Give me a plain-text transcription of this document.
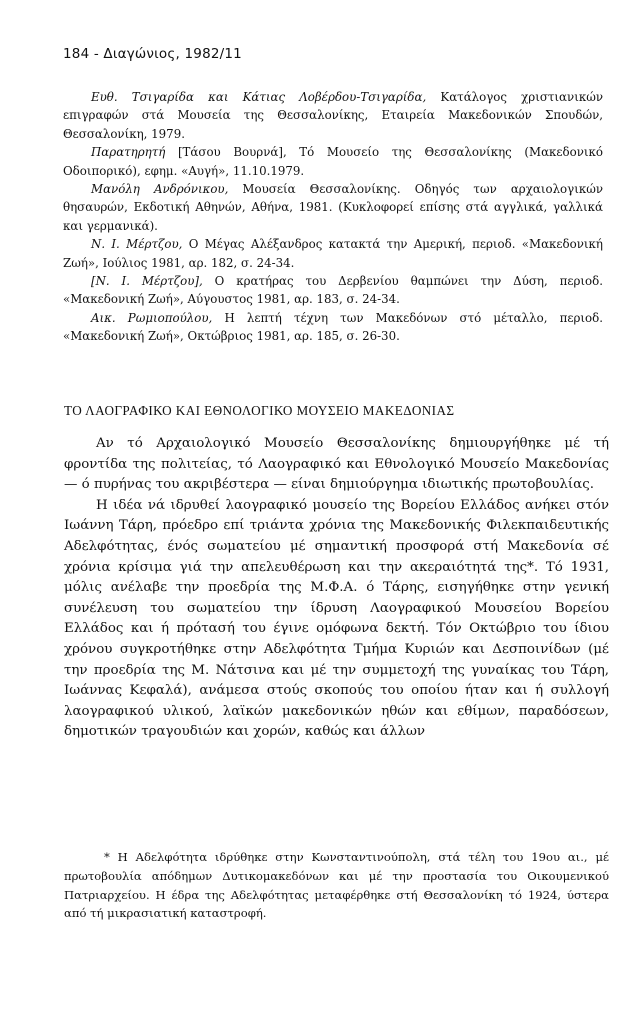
184 - Διαγώνιος, 1982/11

Ευθ. Τσιγαρίδα και Κάτιας Λοβέρδου-Τσιγαρίδα, Κατάλογος χριστιανικών επιγραφών στά Μουσεία της Θεσσαλονίκης, Εταιρεία Μακεδονικών Σπουδών, Θεσσαλονίκη, 1979.

Παρατηρητή [Τάσου Βουρνά], Τό Μουσείο της Θεσσαλονίκης (Μακεδονικό Οδοιπορικό), εφημ. «Αυγή», 11.10.1979.

Μανόλη Ανδρόνικου, Μουσεία Θεσσαλονίκης. Οδηγός των αρχαιολογικών θησαυρών, Εκδοτική Αθηνών, Αθήνα, 1981. (Κυκλοφορεί επίσης στά αγγλικά, γαλλικά και γερμανικά).

Ν. Ι. Μέρτζου, Ο Μέγας Αλέξανδρος κατακτά την Αμερική, περιοδ. «Μακεδονική Ζωή», Ιούλιος 1981, αρ. 182, σ. 24-34.

[Ν. Ι. Μέρτζου], Ο κρατήρας του Δερβενίου θαμπώνει την Δύση, περιοδ. «Μακεδονική Ζωή», Αύγουστος 1981, αρ. 183, σ. 24-34.

Αικ. Ρωμιοπούλου, Η λεπτή τέχνη των Μακεδόνων στό μέταλλο, περιοδ. «Μακεδονική Ζωή», Οκτώβριος 1981, αρ. 185, σ. 26-30.

ΤΟ ΛΑΟΓΡΑΦΙΚΟ ΚΑΙ ΕΘΝΟΛΟΓΙΚΟ ΜΟΥΣΕΙΟ ΜΑΚΕΔΟΝΙΑΣ

Αν τό Αρχαιολογικό Μουσείο Θεσσαλονίκης δημιουργήθηκε μέ τή φροντίδα της πολιτείας, τό Λαογραφικό και Εθνολογικό Μουσείο Μακεδονίας — ό πυρήνας του ακριβέστερα — είναι δημιούργημα ιδιωτικής πρωτοβουλίας.

Η ιδέα νά ιδρυθεί λαογραφικό μουσείο της Βορείου Ελλάδος ανήκει στόν Ιωάννη Τάρη, πρόεδρο επί τριάντα χρόνια της Μακεδονικής Φιλεκπαιδευτικής Αδελφότητας, ένός σωματείου μέ σημαντική προσφορά στή Μακεδονία σέ χρόνια κρίσιμα γιά την απελευθέρωση και την ακεραιότητά της*. Τό 1931, μόλις ανέλαβε την προεδρία της Μ.Φ.Α. ό Τάρης, εισηγήθηκε στην γενική συνέλευση του σωματείου την ίδρυση Λαογραφικού Μουσείου Βορείου Ελλάδος και ή πρότασή του έγινε ομόφωνα δεκτή. Τόν Οκτώβριο του ίδιου χρόνου συγκροτήθηκε στην Αδελφότητα Τμήμα Κυριών και Δεσποινίδων (μέ την προεδρία της Μ. Νάτσινα και μέ την συμμετοχή της γυναίκας του Τάρη, Ιωάννας Κεφαλά), ανάμεσα στούς σκοπούς του οποίου ήταν και ή συλλογή λαογραφικού υλικού, λαϊκών μακεδονικών ηθών και εθίμων, παραδόσεων, δημοτικών τραγουδιών και χορών, καθώς και άλλων

* Η Αδελφότητα ιδρύθηκε στην Κωνσταντινούπολη, στά τέλη του 19ου αι., μέ πρωτοβουλία απόδημων Δυτικομακεδόνων και μέ την προστασία του Οικουμενικού Πατριαρχείου. Η έδρα της Αδελφότητας μεταφέρθηκε στή Θεσσαλονίκη τό 1924, ύστερα από τή μικρασιατική καταστροφή.
